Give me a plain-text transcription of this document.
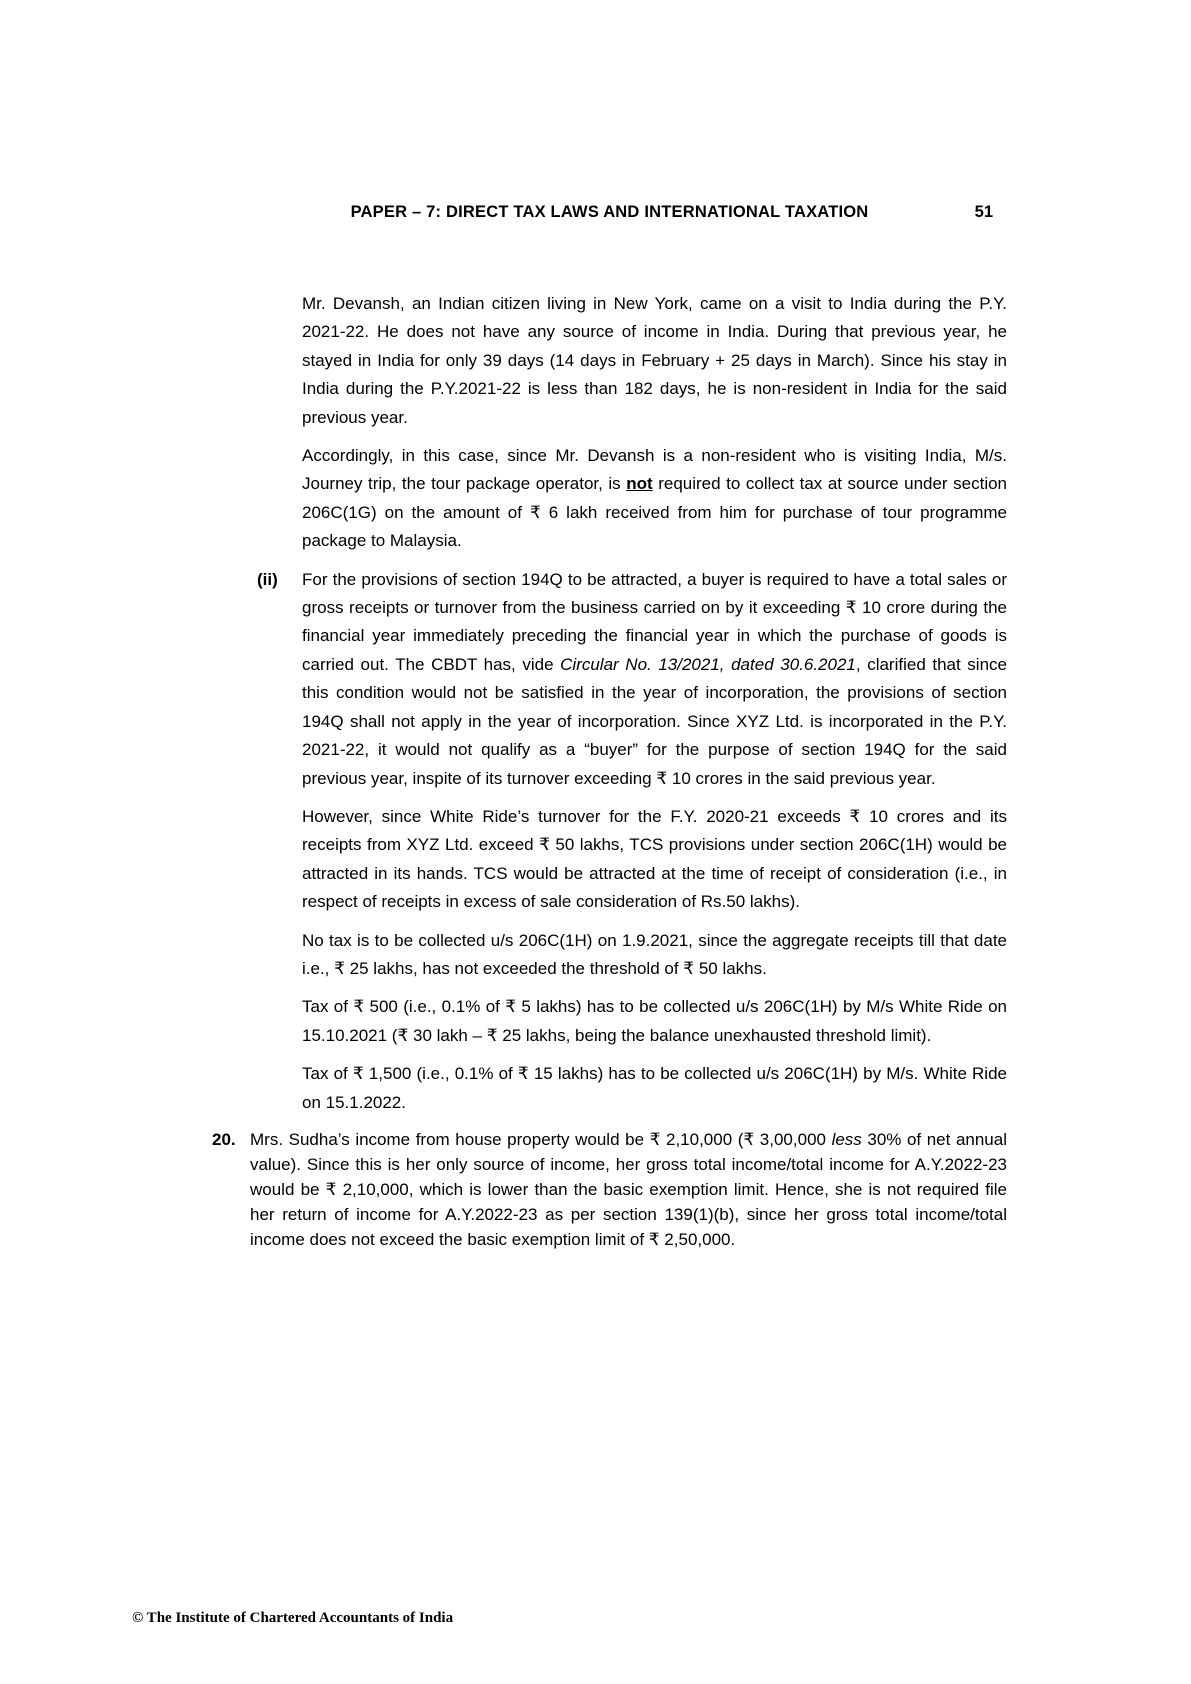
PAPER – 7: DIRECT TAX LAWS AND INTERNATIONAL TAXATION	51
Mr. Devansh, an Indian citizen living in New York, came on a visit to India during the P.Y. 2021-22. He does not have any source of income in India. During that previous year, he stayed in India for only 39 days (14 days in February + 25 days in March). Since his stay in India during the P.Y.2021-22 is less than 182 days, he is non-resident in India for the said previous year.
Accordingly, in this case, since Mr. Devansh is a non-resident who is visiting India, M/s. Journey trip, the tour package operator, is not required to collect tax at source under section 206C(1G) on the amount of ₹ 6 lakh received from him for purchase of tour programme package to Malaysia.
(ii) For the provisions of section 194Q to be attracted, a buyer is required to have a total sales or gross receipts or turnover from the business carried on by it exceeding ₹ 10 crore during the financial year immediately preceding the financial year in which the purchase of goods is carried out. The CBDT has, vide Circular No. 13/2021, dated 30.6.2021, clarified that since this condition would not be satisfied in the year of incorporation, the provisions of section 194Q shall not apply in the year of incorporation. Since XYZ Ltd. is incorporated in the P.Y. 2021-22, it would not qualify as a “buyer” for the purpose of section 194Q for the said previous year, inspite of its turnover exceeding ₹ 10 crores in the said previous year.
However, since White Ride’s turnover for the F.Y. 2020-21 exceeds ₹ 10 crores and its receipts from XYZ Ltd. exceed ₹ 50 lakhs, TCS provisions under section 206C(1H) would be attracted in its hands. TCS would be attracted at the time of receipt of consideration (i.e., in respect of receipts in excess of sale consideration of Rs.50 lakhs).
No tax is to be collected u/s 206C(1H) on 1.9.2021, since the aggregate receipts till that date i.e., ₹ 25 lakhs, has not exceeded the threshold of ₹ 50 lakhs.
Tax of ₹ 500 (i.e., 0.1% of ₹ 5 lakhs) has to be collected u/s 206C(1H) by M/s White Ride on 15.10.2021 (₹ 30 lakh – ₹ 25 lakhs, being the balance unexhausted threshold limit).
Tax of ₹ 1,500 (i.e., 0.1% of ₹ 15 lakhs) has to be collected u/s 206C(1H) by M/s. White Ride on 15.1.2022.
20. Mrs. Sudha’s income from house property would be ₹ 2,10,000 (₹ 3,00,000 less 30% of net annual value). Since this is her only source of income, her gross total income/total income for A.Y.2022-23 would be ₹ 2,10,000, which is lower than the basic exemption limit. Hence, she is not required file her return of income for A.Y.2022-23 as per section 139(1)(b), since her gross total income/total income does not exceed the basic exemption limit of ₹ 2,50,000.
© The Institute of Chartered Accountants of India
